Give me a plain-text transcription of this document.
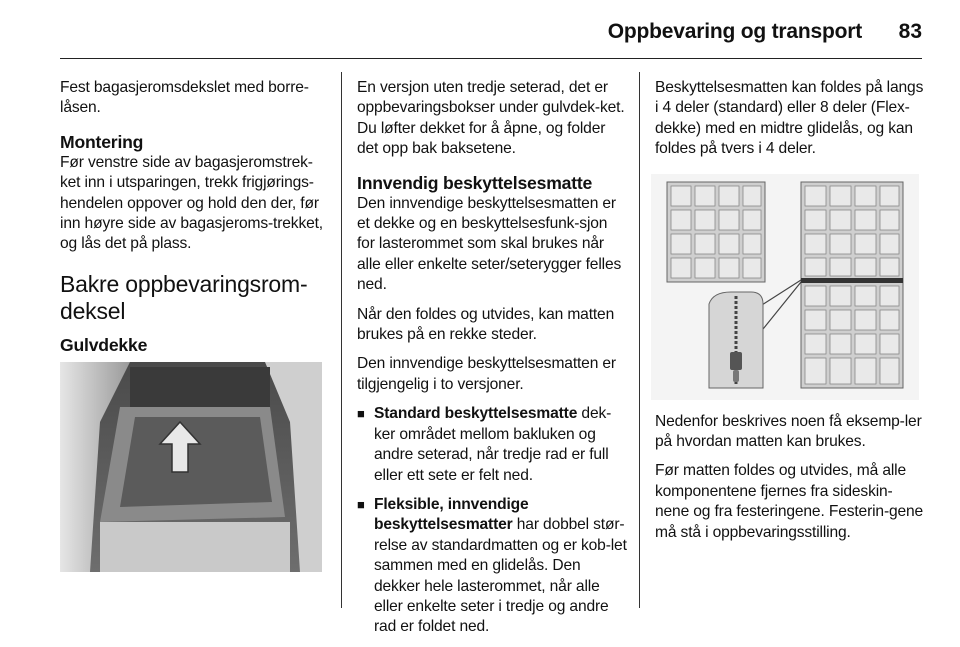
Oppbevaring og transport 83

Fest bagasjeromsdekslet med borre-låsen.

Montering

Før venstre side av bagasjeromstrek-ket inn i utsparingen, trekk frigjørings-hendelen oppover og hold den der, før inn høyre side av bagasjeroms-trekket, og lås det på plass.

Bakre oppbevaringsrom-deksel
Gulvdekke

En versjon uten tredje seterad, det er oppbevaringsbokser under gulvdek-ket. Du løfter dekket for å åpne, og folder det opp bak baksetene.

Innvendig beskyttelsesmatte

Den innvendige beskyttelsesmatten er et dekke og en beskyttelsesfunk-sjon for lasterommet som skal brukes når alle eller enkelte seter/seterygger felles ned.

Når den foldes og utvides, kan matten brukes på en rekke steder.

Den innvendige beskyttelsesmatten er tilgjengelig i to versjoner.

■ Standard beskyttelsesmatte dek-ker området mellom bakluken og andre seterad, når tredje rad er full eller ett sete er felt ned.
■ Fleksible, innvendige beskyttelsesmatter har dobbel stør-relse av standardmatten og er kob-let sammen med en glidelås. Den dekker hele lasterommet, når alle eller enkelte seter i tredje og andre rad er foldet ned.

Beskyttelsesmatten kan foldes på langs i 4 deler (standard) eller 8 deler (Flex-dekke) med en midtre glidelås, og kan foldes på tvers i 4 deler.

Nedenfor beskrives noen få eksemp-ler på hvordan matten kan brukes.

Før matten foldes og utvides, må alle komponentene fjernes fra sideskin-nene og fra festeringene. Festerin-gene må stå i oppbevaringsstilling.
